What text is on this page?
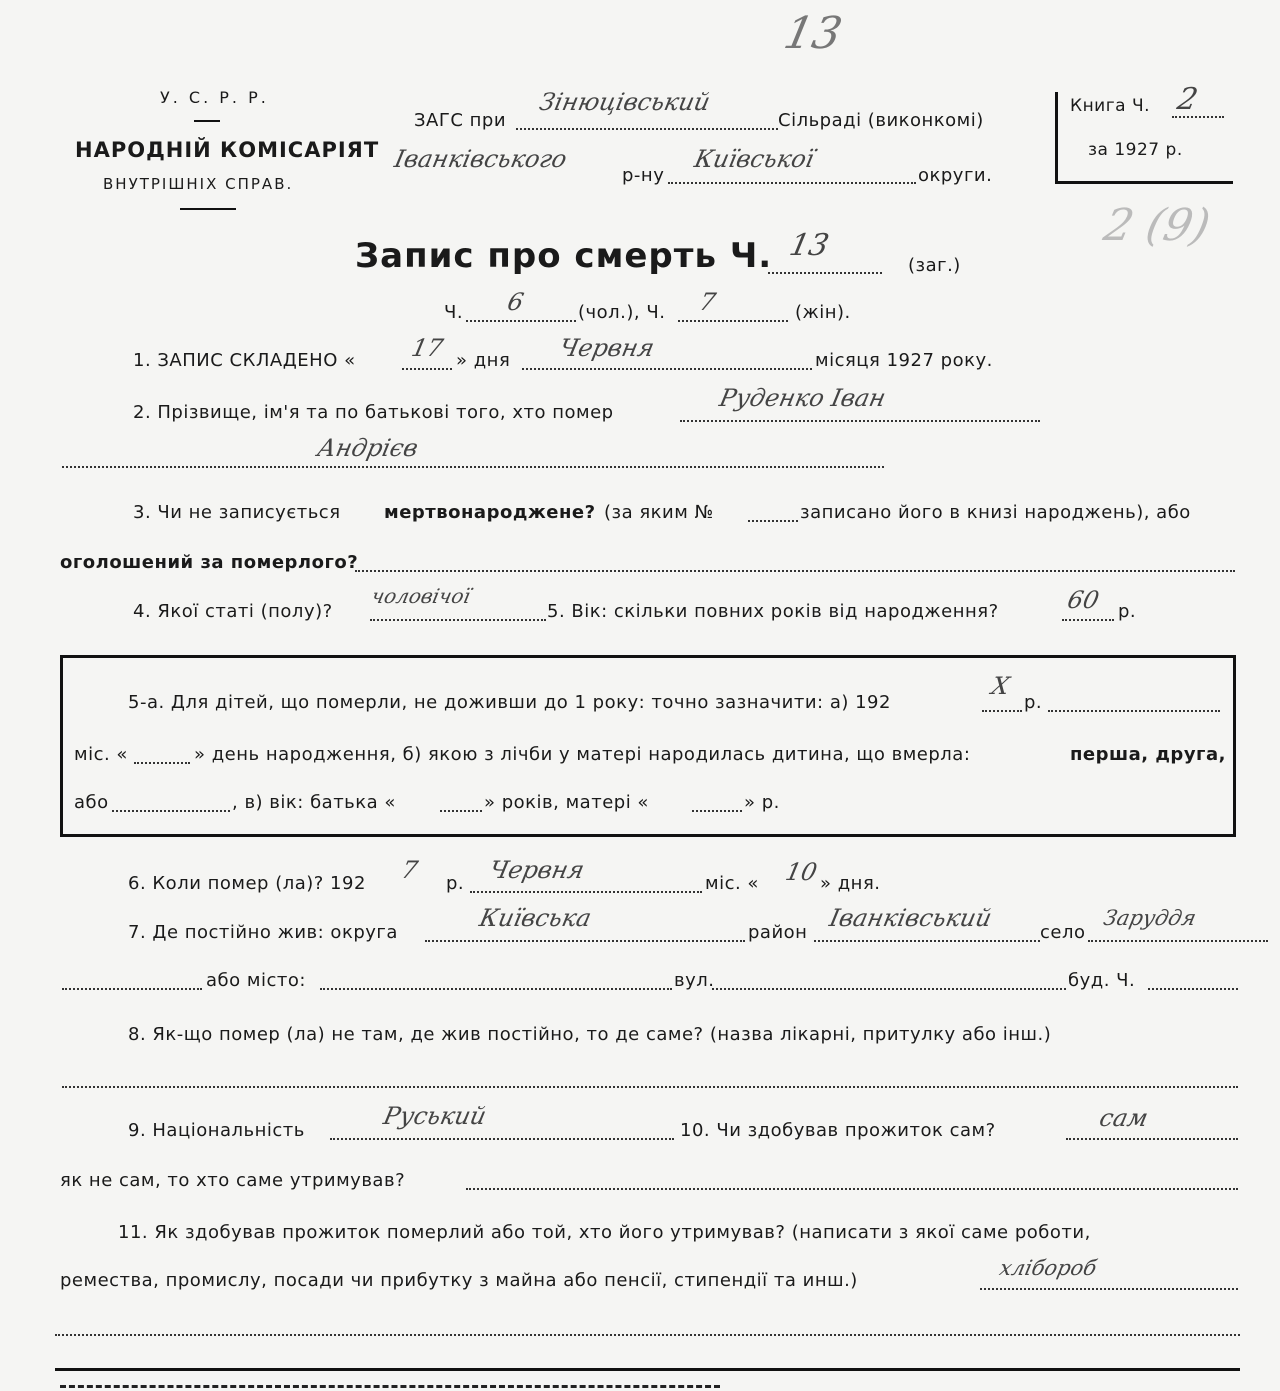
13
2 (9)
У. С. Р. Р.
НАРОДНІЙ КОМІСАРІЯТ
ВНУТРІШНІХ СПРАВ.
ЗАГС при
Зінюцівський
Сільраді (виконкомі)
Іванківського
р-ну
Київської
округи.
Книга Ч. 2
за 1927 р.
Запис про смерть Ч. 13
(заг.)
Ч. 6	(чол.), Ч. 7	(жін).
1. ЗАПИС СКЛАДЕНО « 17 » дня Червня	місяця 1927 року.
2. Прізвище, ім'я та по батькові того, хто помер
Руденко Іван
Андрієв
3. Чи не записується мертвонароджене? (за яким №	записано його в книзі народжень), або
оголошений за померлого?
4. Якої статі (полу)?
чоловічої
5. Вік: скільки повних років від народження?	60 р.
5-а. Для дітей, що померли, не доживши до 1 року: точно зазначити: а) 192
Х
р.
міс. «	» день народження, б) якою з лічби у матері народилась дитина, що вмерла:	перша, друга,
або	, в) вік: батька «	» років, матері «	» р.
6. Коли помер (ла)? 192 7 р. Червня	міс. « 10 » дня.
7. Де постійно жив: округа
Київська
район
Іванківський
село
Заруддя
або місто:	вул.	буд. Ч.
8. Як-що помер (ла) не там, де жив постійно, то де саме? (назва лікарні, притулку або інш.)
9. Національність
Руський
10. Чи здобував прожиток сам?	сам
як не сам, то хто саме утримував?
11. Як здобував прожиток померлий або той, хто його утримував? (написати з якої саме роботи,
ремества, промислу, посади чи прибутку з майна або пенсії, стипендії та инш.)
хлібороб
